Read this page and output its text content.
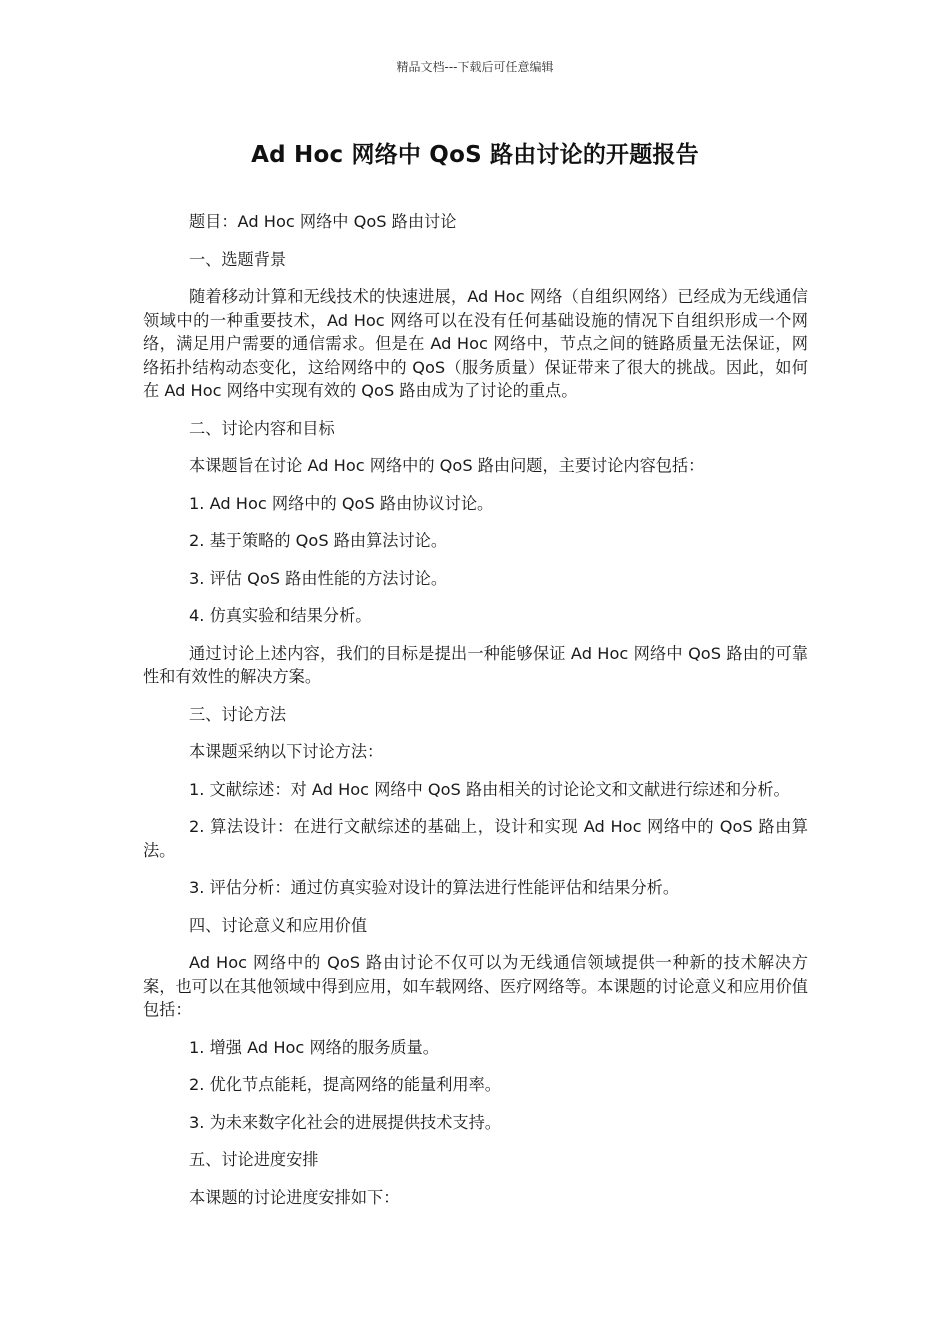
精品文档---下载后可任意编辑
Ad Hoc 网络中 QoS 路由讨论的开题报告

题目：Ad Hoc 网络中 QoS 路由讨论

一、选题背景

随着移动计算和无线技术的快速进展，Ad Hoc 网络（自组织网络）已经成为无线通信领域中的一种重要技术，Ad Hoc 网络可以在没有任何基础设施的情况下自组织形成一个网络，满足用户需要的通信需求。但是在 Ad Hoc 网络中，节点之间的链路质量无法保证，网络拓扑结构动态变化，这给网络中的 QoS（服务质量）保证带来了很大的挑战。因此，如何在 Ad Hoc 网络中实现有效的 QoS 路由成为了讨论的重点。

二、讨论内容和目标

本课题旨在讨论 Ad Hoc 网络中的 QoS 路由问题，主要讨论内容包括：

1. Ad Hoc 网络中的 QoS 路由协议讨论。

2. 基于策略的 QoS 路由算法讨论。

3. 评估 QoS 路由性能的方法讨论。

4. 仿真实验和结果分析。

通过讨论上述内容，我们的目标是提出一种能够保证 Ad Hoc 网络中 QoS 路由的可靠性和有效性的解决方案。

三、讨论方法

本课题采纳以下讨论方法：

1. 文献综述：对 Ad Hoc 网络中 QoS 路由相关的讨论论文和文献进行综述和分析。

2. 算法设计：在进行文献综述的基础上，设计和实现 Ad Hoc 网络中的 QoS 路由算法。

3. 评估分析：通过仿真实验对设计的算法进行性能评估和结果分析。

四、讨论意义和应用价值

Ad Hoc 网络中的 QoS 路由讨论不仅可以为无线通信领域提供一种新的技术解决方案，也可以在其他领域中得到应用，如车载网络、医疗网络等。本课题的讨论意义和应用价值包括：

1. 增强 Ad Hoc 网络的服务质量。

2. 优化节点能耗，提高网络的能量利用率。

3. 为未来数字化社会的进展提供技术支持。

五、讨论进度安排

本课题的讨论进度安排如下：
